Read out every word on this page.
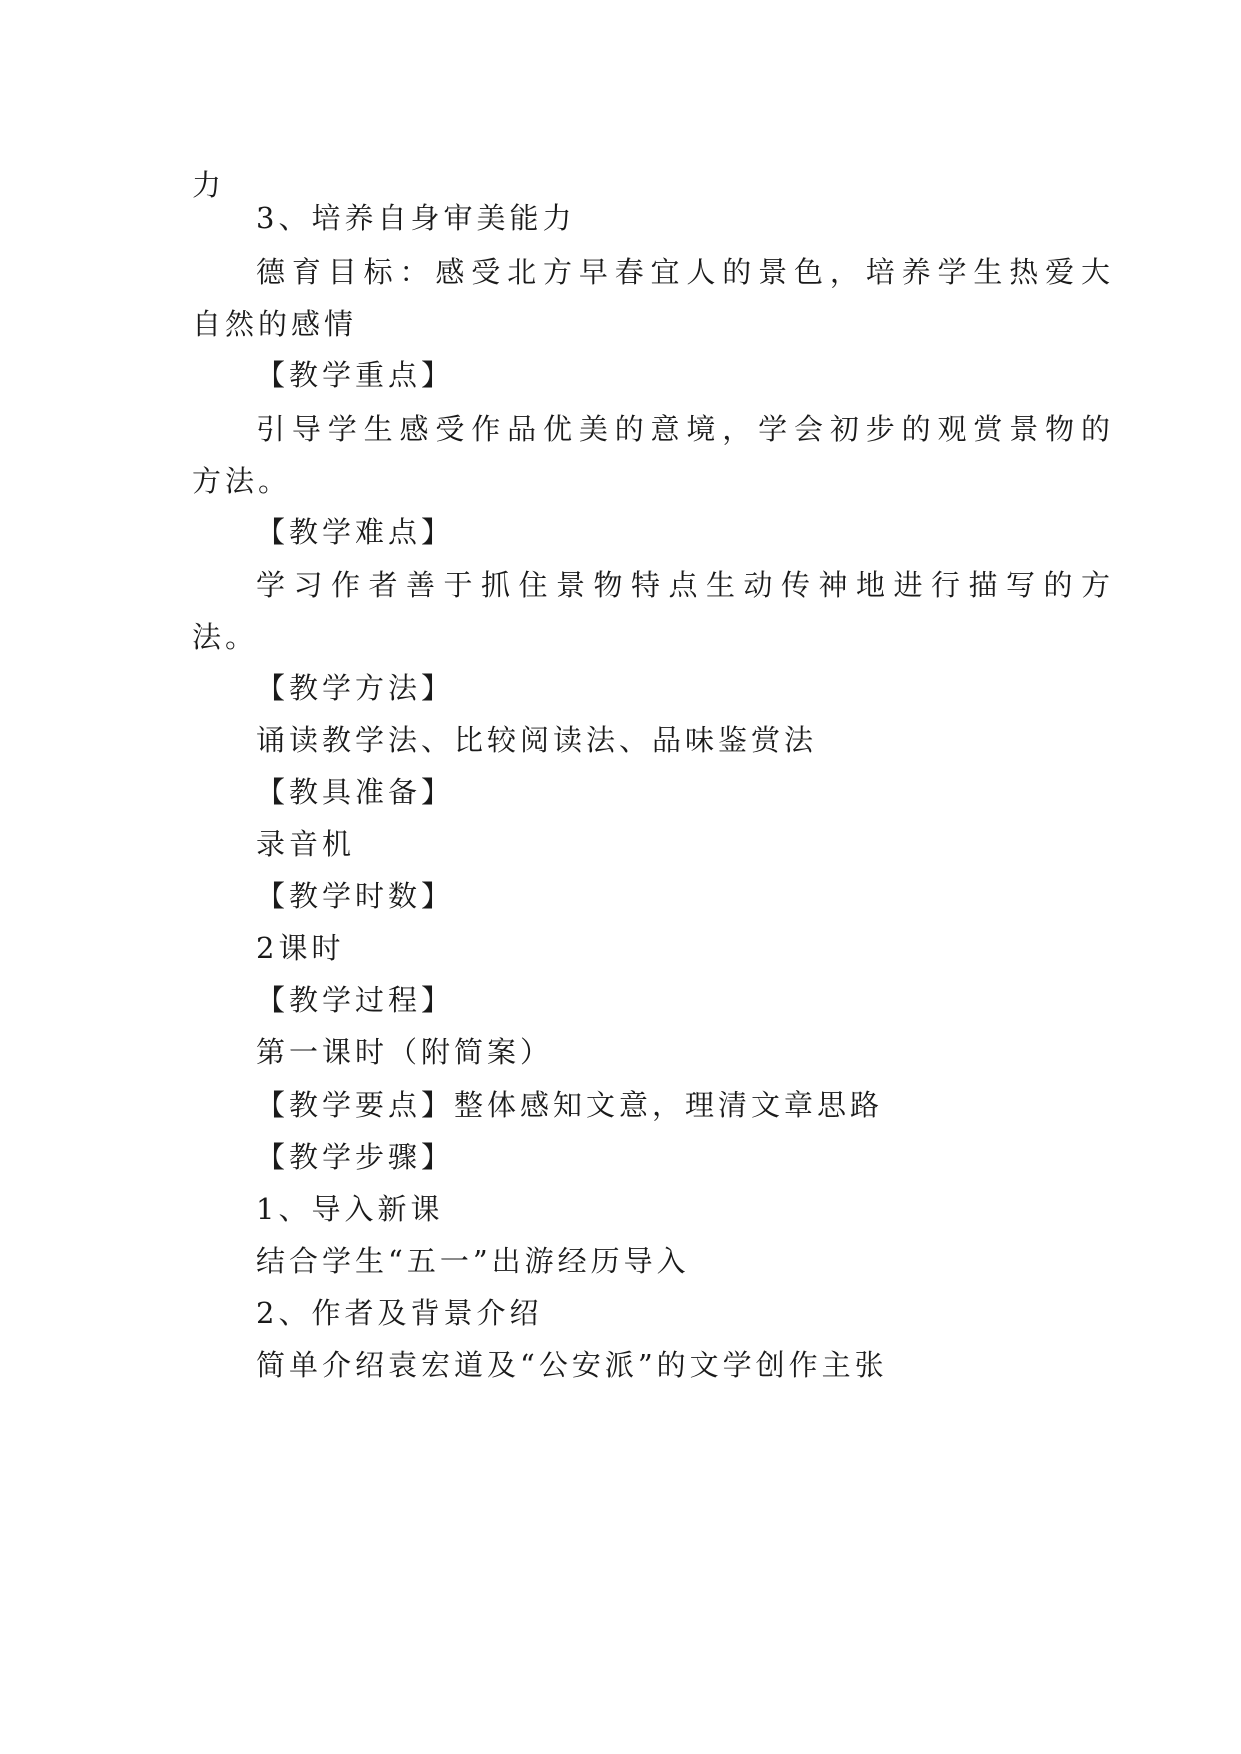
力
3、培养自身审美能力
德育目标：感受北方早春宜人的景色，培养学生热爱大
自然的感情
【教学重点】
引导学生感受作品优美的意境，学会初步的观赏景物的
方法。
【教学难点】
学习作者善于抓住景物特点生动传神地进行描写的方
法。
【教学方法】
诵读教学法、比较阅读法、品味鉴赏法
【教具准备】
录音机
【教学时数】
2课时
【教学过程】
第一课时（附简案）
【教学要点】整体感知文意，理清文章思路
【教学步骤】
1、导入新课
结合学生“五一”出游经历导入
2、作者及背景介绍
简单介绍袁宏道及“公安派”的文学创作主张
